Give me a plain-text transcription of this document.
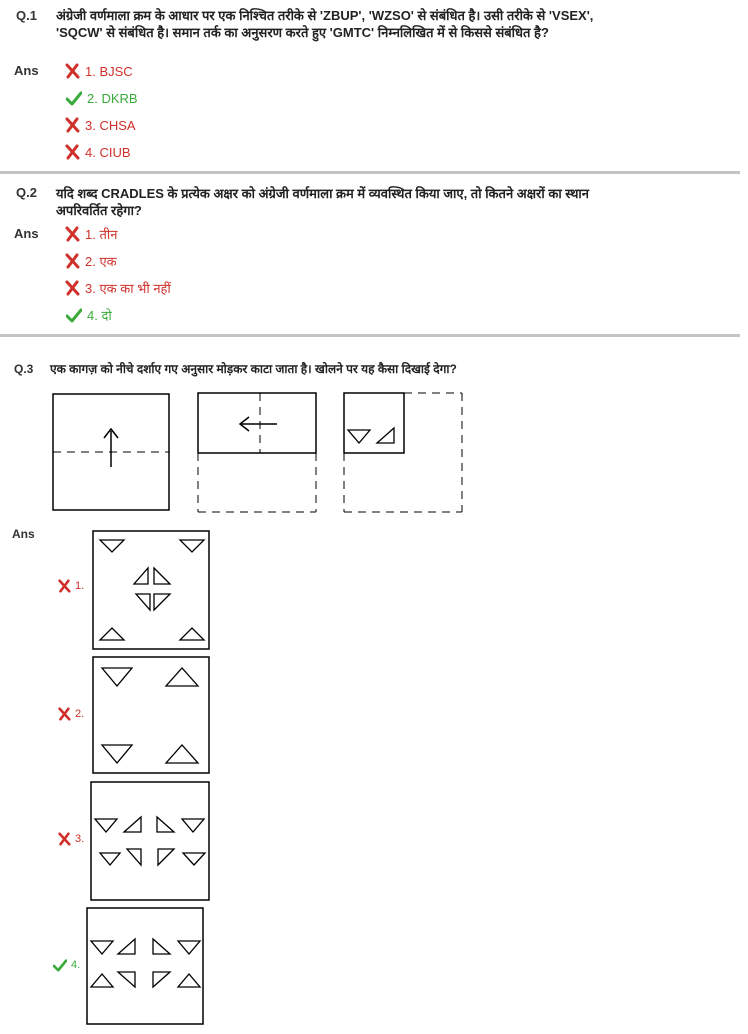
Q.1 अंग्रेजी वर्णमाला क्रम के आधार पर एक निश्चित तरीके से 'ZBUP', 'WZSO' से संबंधित है। उसी तरीके से 'VSEX', 'SQCW' से संबंधित है। समान तर्क का अनुसरण करते हुए 'GMTC' निम्नलिखित में से किससे संबंधित है?
Ans	1. BJSC
2. DKRB
3. CHSA
4. CIUB
Q.2 यदि शब्द CRADLES के प्रत्येक अक्षर को अंग्रेजी वर्णमाला क्रम में व्यवस्थित किया जाए, तो कितने अक्षरों का स्थान अपरिवर्तित रहेगा?
Ans	1. तीन
2. एक
3. एक का भी नहीं
4. दो
Q.3 एक कागज़ को नीचे दर्शाए गए अनुसार मोड़कर काटा जाता है। खोलने पर यह कैसा दिखाई देगा?
Ans
1.
2.
3.
4.
